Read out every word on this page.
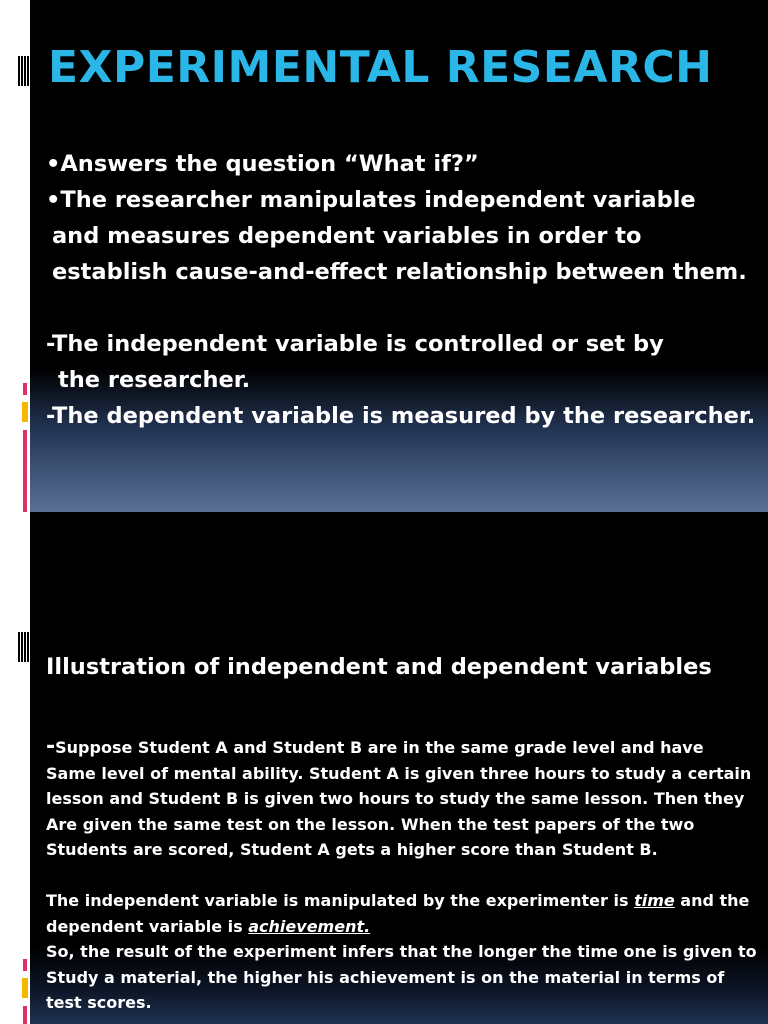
EXPERIMENTAL RESEARCH
•Answers the question “What if?”
•The researcher manipulates independent variable
and measures dependent variables in order to
establish cause-and-effect relationship between them.
-The independent variable is controlled or set by
the researcher.
-The dependent variable is measured by the researcher.
Illustration of independent and dependent variables
-Suppose Student A and Student B are in the same grade level and have
Same level of mental ability. Student A is given three hours to study a certain
lesson and Student B is given two hours to study the same lesson. Then they
Are given the same test on the lesson. When the test papers of the two
Students are scored, Student A gets a higher score than Student B.
The independent variable is manipulated by the experimenter is time and the
dependent variable is achievement.
So, the result of the experiment infers that the longer the time one is given to
Study a material, the higher his achievement is on the material in terms of
test scores.
